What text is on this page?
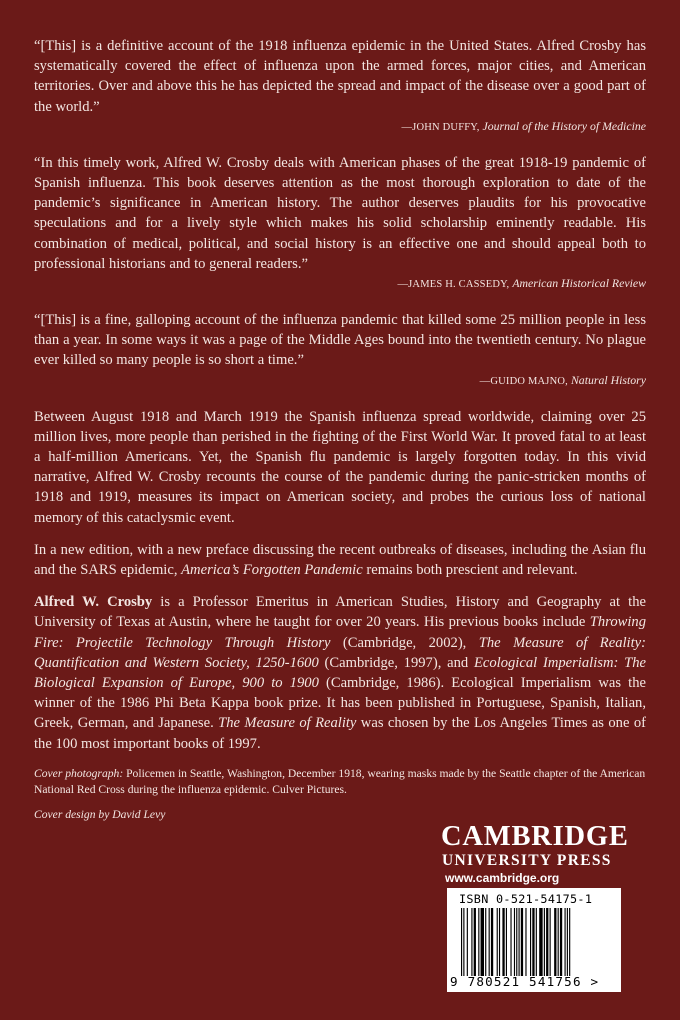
“[This] is a definitive account of the 1918 influenza epidemic in the United States. Alfred Crosby has systematically covered the effect of influenza upon the armed forces, major cities, and American territories. Over and above this he has depicted the spread and impact of the disease over a good part of the world.”

—JOHN DUFFY, Journal of the History of Medicine

“In this timely work, Alfred W. Crosby deals with American phases of the great 1918-19 pandemic of Spanish influenza. This book deserves attention as the most thorough exploration to date of the pandemic’s significance in American history. The author deserves plaudits for his provocative speculations and for a lively style which makes his solid scholarship eminently readable. His combination of medical, political, and social history is an effective one and should appeal both to professional historians and to general readers.”

—JAMES H. CASSEDY, American Historical Review

“[This] is a fine, galloping account of the influenza pandemic that killed some 25 million people in less than a year. In some ways it was a page of the Middle Ages bound into the twentieth century. No plague ever killed so many people is so short a time.”

—GUIDO MAJNO, Natural History

Between August 1918 and March 1919 the Spanish influenza spread worldwide, claiming over 25 million lives, more people than perished in the fighting of the First World War. It proved fatal to at least a half-million Americans. Yet, the Spanish flu pandemic is largely forgotten today. In this vivid narrative, Alfred W. Crosby recounts the course of the pandemic during the panic-stricken months of 1918 and 1919, measures its impact on American society, and probes the curious loss of national memory of this cataclysmic event.

In a new edition, with a new preface discussing the recent outbreaks of diseases, including the Asian flu and the SARS epidemic, America’s Forgotten Pandemic remains both prescient and relevant.

Alfred W. Crosby is a Professor Emeritus in American Studies, History and Geography at the University of Texas at Austin, where he taught for over 20 years. His previous books include Throwing Fire: Projectile Technology Through History (Cambridge, 2002), The Measure of Reality: Quantification and Western Society, 1250-1600 (Cambridge, 1997), and Ecological Imperialism: The Biological Expansion of Europe, 900 to 1900 (Cambridge, 1986). Ecological Imperialism was the winner of the 1986 Phi Beta Kappa book prize. It has been published in Portuguese, Spanish, Italian, Greek, German, and Japanese. The Measure of Reality was chosen by the Los Angeles Times as one of the 100 most important books of 1997.

Cover photograph: Policemen in Seattle, Washington, December 1918, wearing masks made by the Seattle chapter of the American National Red Cross during the influenza epidemic. Culver Pictures.

Cover design by David Levy

CAMBRIDGE
UNIVERSITY PRESS
www.cambridge.org
ISBN 0-521-54175-1
9 780521 541756 >
